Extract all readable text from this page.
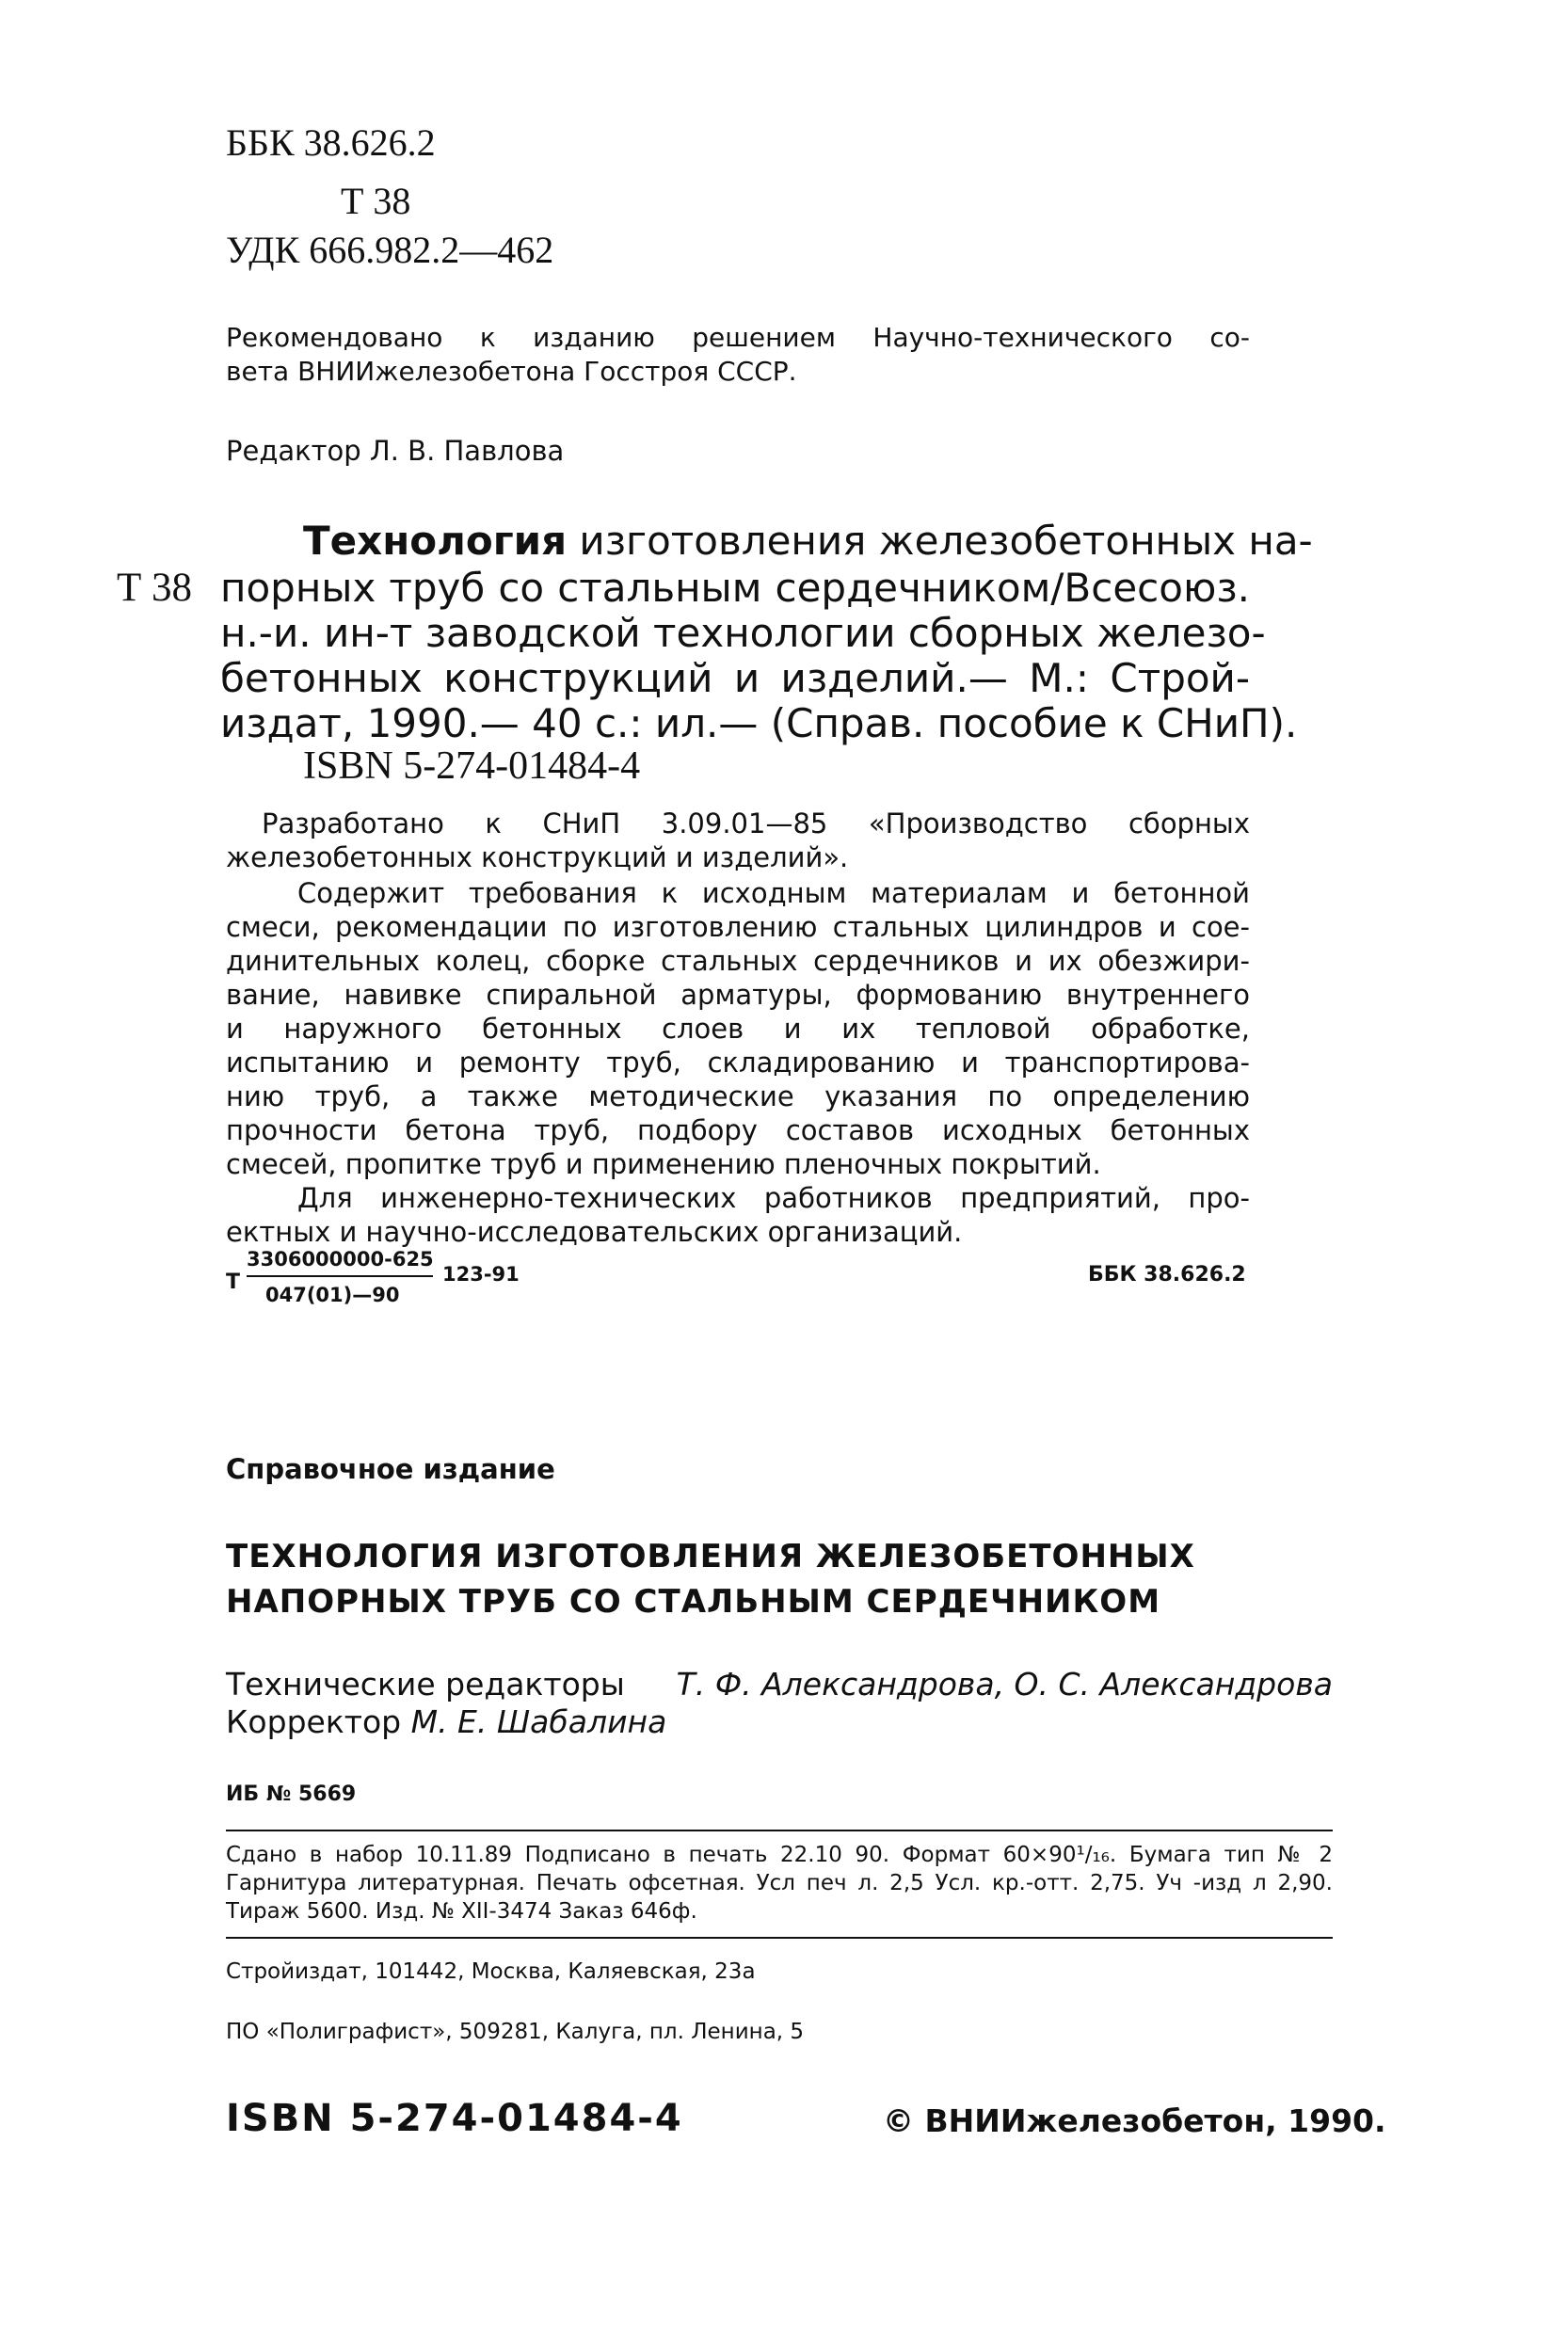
ББК 38.626.2
Т 38
УДК 666.982.2—462
Рекомендовано к изданию решением Научно-технического со-
вета ВНИИжелезобетона Госстроя СССР.
Редактор Л. В. Павлова
Т 38
Технология изготовления железобетонных на-
порных труб со стальным сердечником/Всесоюз.
н.-и. ин-т заводской технологии сборных железо-
бетонных конструкций и изделий.— М.: Строй-
издат, 1990.— 40 с.: ил.— (Справ. пособие к СНиП).
ISBN 5-274-01484-4
Разработано к СНиП 3.09.01—85 «Производство сборных
железобетонных конструкций и изделий».
Содержит требования к исходным материалам и бетонной
смеси, рекомендации по изготовлению стальных цилиндров и сое-
динительных колец, сборке стальных сердечников и их обезжири-
вание, навивке спиральной арматуры, формованию внутреннего
и наружного бетонных слоев и их тепловой обработке,
испытанию и ремонту труб, складированию и транспортирова-
нию труб, а также методические указания по определению
прочности бетона труб, подбору составов исходных бетонных
смесей, пропитке труб и применению пленочных покрытий.
Для инженерно-технических работников предприятий, про-
ектных и научно-исследовательских организаций.
Т
3306000000-625
047(01)—90
123-91	ББК 38.626.2
Справочное издание
ТЕХНОЛОГИЯ ИЗГОТОВЛЕНИЯ ЖЕЛЕЗОБЕТОННЫХ
НАПОРНЫХ ТРУБ СО СТАЛЬНЫМ СЕРДЕЧНИКОМ
Технические редакторы Т. Ф. Александрова, О. С. Александрова
Корректор М. Е. Шабалина
ИБ № 5669
Сдано в набор 10.11.89 Подписано в печать 22.10 90. Формат 60×90¹/₁₆. Бумага тип № 2
Гарнитура литературная. Печать офсетная. Усл печ л. 2,5 Усл. кр.-отт. 2,75. Уч -изд л 2,90.
Тираж 5600. Изд. № XII-3474 Заказ 646ф.
Стройиздат, 101442, Москва, Каляевская, 23а
ПО «Полиграфист», 509281, Калуга, пл. Ленина, 5
ISBN 5-274-01484-4	© ВНИИжелезобетон, 1990.
